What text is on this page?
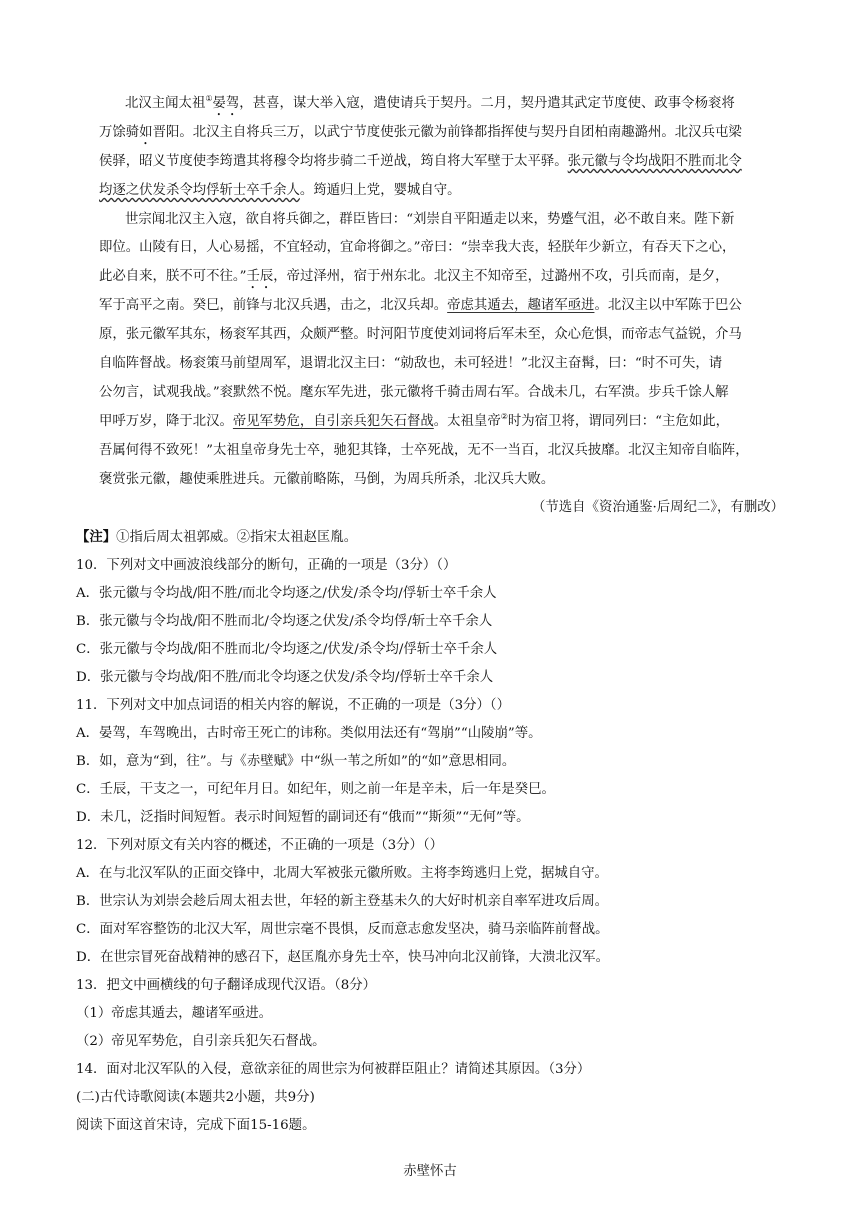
北汉主闻太祖①晏驾，甚喜，谋大举入寇，遣使请兵于契丹。二月，契丹遣其武定节度使、政事令杨衮将
万馀骑如晋阳。北汉主自将兵三万，以武宁节度使张元徽为前锋都指挥使与契丹自团柏南趣潞州。北汉兵屯梁
侯驿，昭义节度使李筠遣其将穆令均将步骑二千逆战，筠自将大军壁于太平驿。张元徽与令均战阳不胜而北令
均逐之伏发杀令均俘斩士卒千余人。筠遁归上党，婴城自守。
世宗闻北汉主入寇，欲自将兵御之，群臣皆曰：“刘崇自平阳遁走以来，势蹙气沮，必不敢自来。陛下新
即位。山陵有日，人心易摇，不宜轻动，宜命将御之。”帝曰：“崇幸我大丧，轻朕年少新立，有吞天下之心，
此必自来，朕不可不往。”壬辰，帝过泽州，宿于州东北。北汉主不知帝至，过潞州不攻，引兵而南，是夕，
军于高平之南。癸巳，前锋与北汉兵遇，击之，北汉兵却。帝虑其遁去，趣诸军亟进。北汉主以中军陈于巴公
原，张元徽军其东，杨衮军其西，众颇严整。时河阳节度使刘词将后军未至，众心危惧，而帝志气益锐，介马
自临阵督战。杨衮策马前望周军，退谓北汉主曰：“勍敌也，未可轻进！”北汉主奋髯，曰：“时不可失，请
公勿言，试观我战。”衮默然不悦。麾东军先进，张元徽将千骑击周右军。合战未几，右军溃。步兵千馀人解
甲呼万岁，降于北汉。帝见军势危，自引亲兵犯矢石督战。太祖皇帝②时为宿卫将，谓同列曰：“主危如此，
吾属何得不致死！”太祖皇帝身先士卒，驰犯其锋，士卒死战，无不一当百，北汉兵披靡。北汉主知帝自临阵，
褒赏张元徽，趣使乘胜进兵。元徽前略陈，马倒，为周兵所杀，北汉兵大败。
（节选自《资治通鉴·后周纪二》，有删改）
【注】①指后周太祖郭威。②指宋太祖赵匡胤。
10．下列对文中画波浪线部分的断句，正确的一项是（3分）（）
A．张元徽与令均战/阳不胜/而北令均逐之/伏发/杀令均/俘斩士卒千余人
B．张元徽与令均战/阳不胜而北/令均逐之伏发/杀令均俘/斩士卒千余人
C．张元徽与令均战/阳不胜而北/令均逐之/伏发/杀令均/俘斩士卒千余人
D．张元徽与令均战/阳不胜/而北令均逐之伏发/杀令均/俘斩士卒千余人
11．下列对文中加点词语的相关内容的解说，不正确的一项是（3分）（）
A．晏驾，车驾晚出，古时帝王死亡的讳称。类似用法还有“驾崩”“山陵崩”等。
B．如，意为“到，往”。与《赤壁赋》中“纵一苇之所如”的“如”意思相同。
C．壬辰，干支之一，可纪年月日。如纪年，则之前一年是辛未，后一年是癸巳。
D．未几，泛指时间短暂。表示时间短暂的副词还有“俄而”“斯须”“无何”等。
12．下列对原文有关内容的概述，不正确的一项是（3分）（）
A．在与北汉军队的正面交锋中，北周大军被张元徽所败。主将李筠逃归上党，据城自守。
B．世宗认为刘崇会趁后周太祖去世，年轻的新主登基未久的大好时机亲自率军进攻后周。
C．面对军容整饬的北汉大军，周世宗毫不畏惧，反而意志愈发坚决，骑马亲临阵前督战。
D．在世宗冒死奋战精神的感召下，赵匡胤亦身先士卒，快马冲向北汉前锋，大溃北汉军。
13．把文中画横线的句子翻译成现代汉语。（8分）
（1）帝虑其遁去，趣诸军亟进。
（2）帝见军势危，自引亲兵犯矢石督战。
14．面对北汉军队的入侵，意欲亲征的周世宗为何被群臣阻止？请简述其原因。（3分）
(二)古代诗歌阅读(本题共2小题，共9分)
阅读下面这首宋诗，完成下面15-16题。
赤壁怀古
